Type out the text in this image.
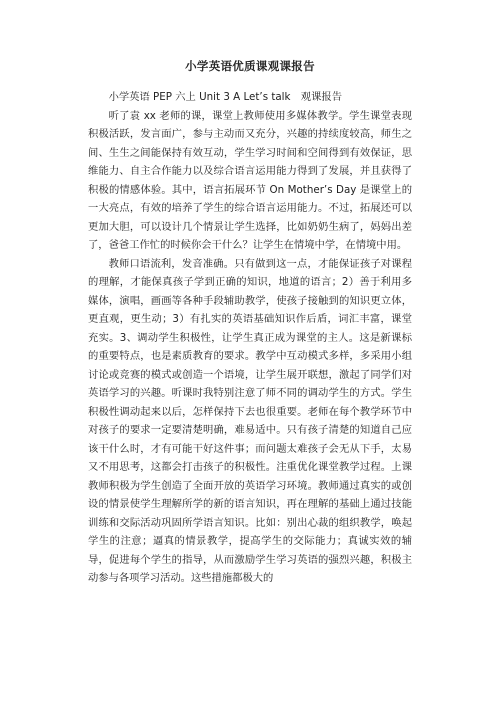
小学英语优质课观课报告

小学英语 PEP 六上 Unit 3 A Let’s talk　观课报告

听了袁 xx 老师的课，课堂上教师使用多媒体教学。学生课堂表现积极活跃，发言面广，参与主动而又充分，兴趣的持续度较高，师生之间、生生之间能保持有效互动，学生学习时间和空间得到有效保证，思维能力、自主合作能力以及综合语言运用能力得到了发展，并且获得了积极的情感体验。其中，语言拓展环节 On Mother’s Day 是课堂上的一大亮点，有效的培养了学生的综合语言运用能力。不过，拓展还可以更加大胆，可以设计几个情景让学生选择，比如奶奶生病了，妈妈出差了，爸爸工作忙的时候你会干什么？让学生在情境中学，在情境中用。

教师口语流利，发音准确。只有做到这一点，才能保证孩子对课程的理解，才能保真孩子学到正确的知识，地道的语言；2）善于利用多媒体，演唱，画画等各种手段辅助教学，使孩子接触到的知识更立体，更直观，更生动；3）有扎实的英语基础知识作后盾，词汇丰富，课堂充实。3、调动学生积极性，让学生真正成为课堂的主人。这是新课标的重要特点，也是素质教育的要求。教学中互动模式多样，多采用小组讨论或竞赛的模式或创造一个语境，让学生展开联想，激起了同学们对英语学习的兴趣。听课时我特别注意了师不同的调动学生的方式。学生积极性调动起来以后，怎样保持下去也很重要。老师在每个教学环节中对孩子的要求一定要清楚明确，难易适中。只有孩子清楚的知道自己应该干什么时，才有可能干好这件事；而问题太难孩子会无从下手，太易又不用思考，这都会打击孩子的积极性。注重优化课堂教学过程。上课教师积极为学生创造了全面开放的英语学习环境。教师通过真实的或创设的情景使学生理解所学的新的语言知识，再在理解的基础上通过技能训练和交际活动巩固所学语言知识。比如：别出心裁的组织教学，唤起学生的注意；逼真的情景教学，提高学生的交际能力；真诚实效的辅导，促进每个学生的指导，从而激励学生学习英语的强烈兴趣，积极主动参与各项学习活动。这些措施都极大的
